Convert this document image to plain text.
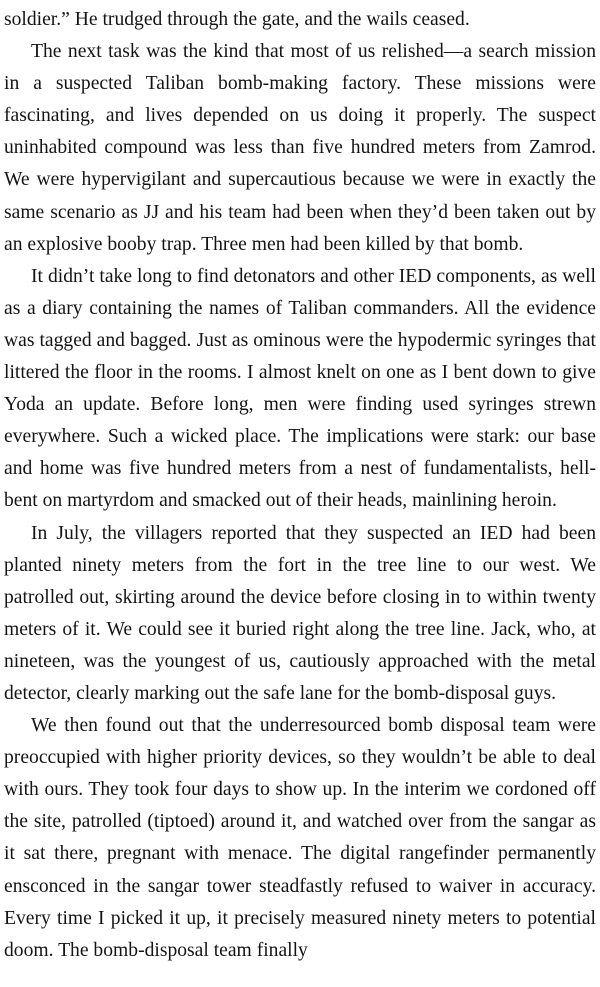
soldier.” He trudged through the gate, and the wails ceased.

The next task was the kind that most of us relished—a search mission in a suspected Taliban bomb-making factory. These missions were fascinating, and lives depended on us doing it properly. The suspect uninhabited compound was less than five hundred meters from Zamrod. We were hypervigilant and supercautious because we were in exactly the same scenario as JJ and his team had been when they’d been taken out by an explosive booby trap. Three men had been killed by that bomb.

It didn’t take long to find detonators and other IED components, as well as a diary containing the names of Taliban commanders. All the evidence was tagged and bagged. Just as ominous were the hypodermic syringes that littered the floor in the rooms. I almost knelt on one as I bent down to give Yoda an update. Before long, men were finding used syringes strewn everywhere. Such a wicked place. The implications were stark: our base and home was five hundred meters from a nest of fundamentalists, hell-bent on martyrdom and smacked out of their heads, mainlining heroin.

In July, the villagers reported that they suspected an IED had been planted ninety meters from the fort in the tree line to our west. We patrolled out, skirting around the device before closing in to within twenty meters of it. We could see it buried right along the tree line. Jack, who, at nineteen, was the youngest of us, cautiously approached with the metal detector, clearly marking out the safe lane for the bomb-disposal guys.

We then found out that the underresourced bomb disposal team were preoccupied with higher priority devices, so they wouldn’t be able to deal with ours. They took four days to show up. In the interim we cordoned off the site, patrolled (tiptoed) around it, and watched over from the sangar as it sat there, pregnant with menace. The digital rangefinder permanently ensconced in the sangar tower steadfastly refused to waiver in accuracy. Every time I picked it up, it precisely measured ninety meters to potential doom. The bomb-disposal team finally
